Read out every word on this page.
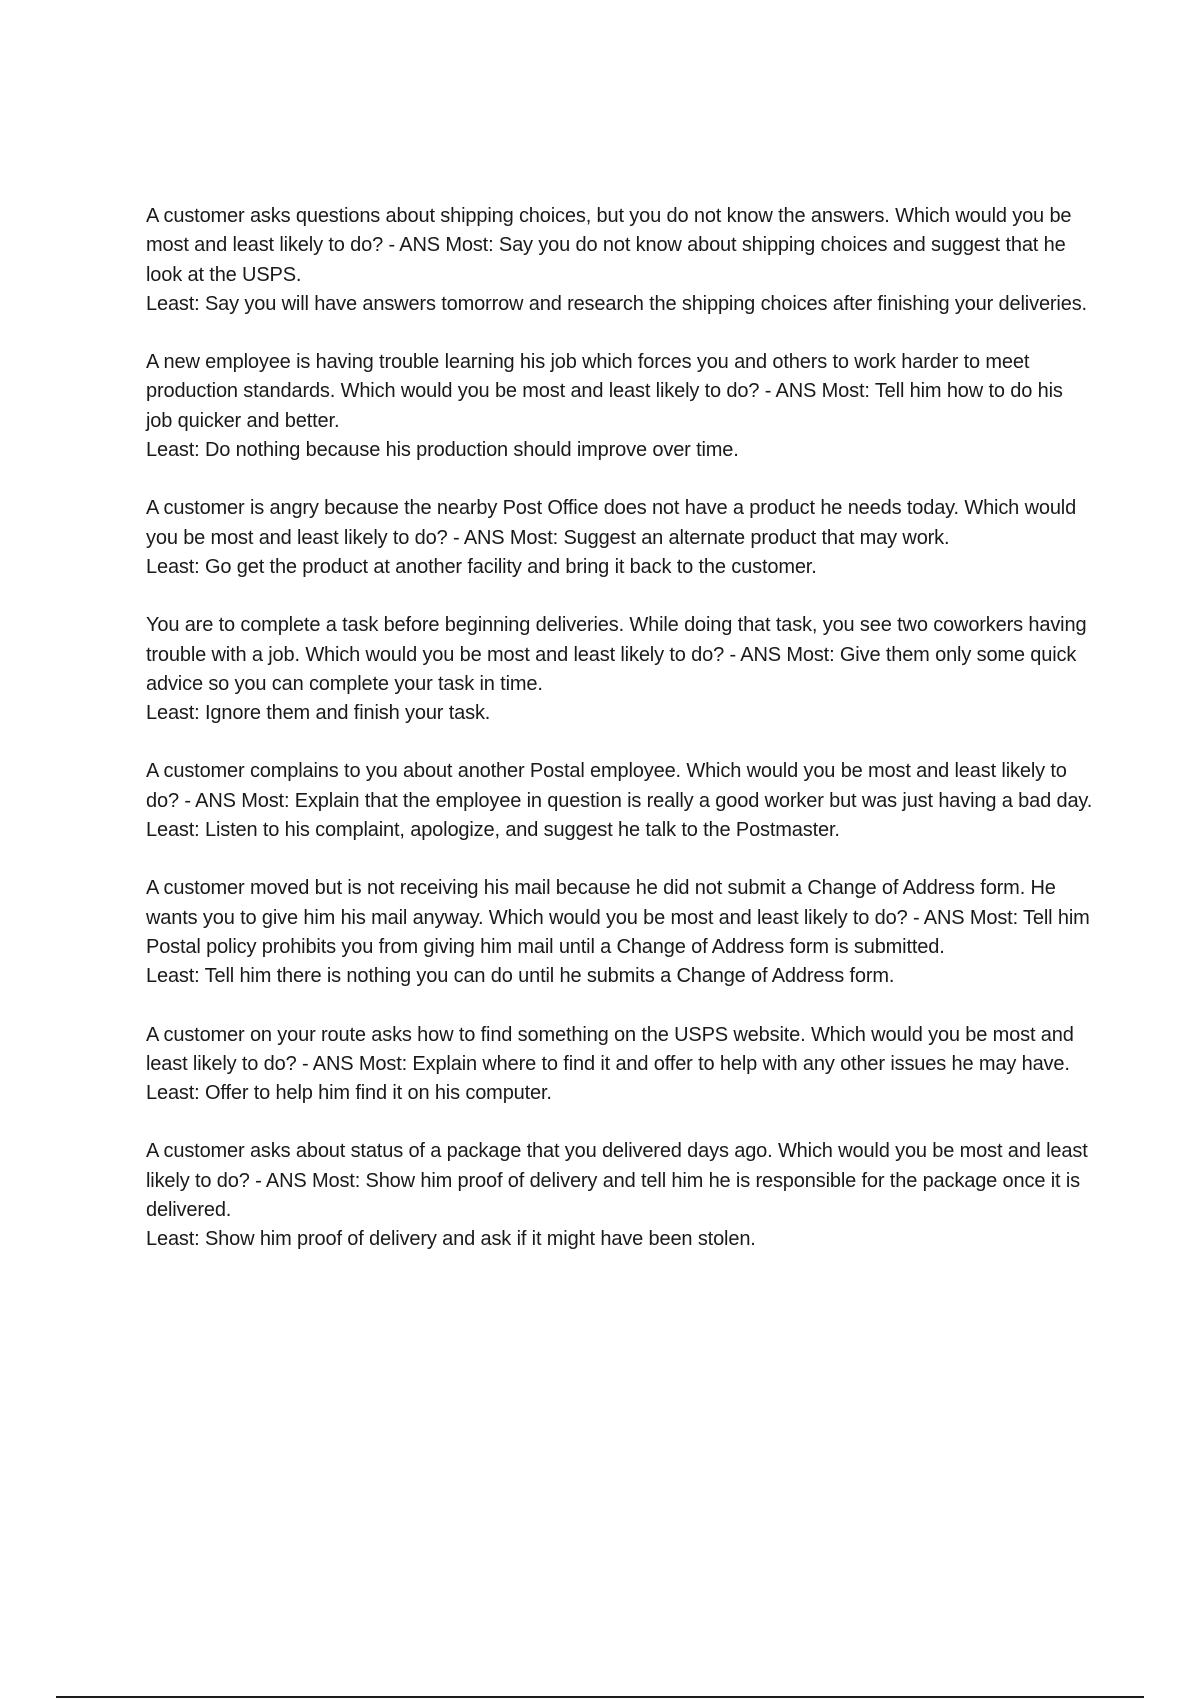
A customer asks questions about shipping choices, but you do not know the answers. Which would you be most and least likely to do? - ANS Most: Say you do not know about shipping choices and suggest that he look at the USPS.

Least: Say you will have answers tomorrow and research the shipping choices after finishing your deliveries.

A new employee is having trouble learning his job which forces you and others to work harder to meet production standards. Which would you be most and least likely to do? - ANS Most: Tell him how to do his job quicker and better.

Least: Do nothing because his production should improve over time.

A customer is angry because the nearby Post Office does not have a product he needs today. Which would you be most and least likely to do? - ANS Most: Suggest an alternate product that may work.

Least: Go get the product at another facility and bring it back to the customer.

You are to complete a task before beginning deliveries. While doing that task, you see two coworkers having trouble with a job. Which would you be most and least likely to do? - ANS Most: Give them only some quick advice so you can complete your task in time.

Least: Ignore them and finish your task.

A customer complains to you about another Postal employee. Which would you be most and least likely to do? - ANS Most: Explain that the employee in question is really a good worker but was just having a bad day.

Least: Listen to his complaint, apologize, and suggest he talk to the Postmaster.

A customer moved but is not receiving his mail because he did not submit a Change of Address form. He wants you to give him his mail anyway. Which would you be most and least likely to do? - ANS Most: Tell him Postal policy prohibits you from giving him mail until a Change of Address form is submitted.

Least: Tell him there is nothing you can do until he submits a Change of Address form.

A customer on your route asks how to find something on the USPS website. Which would you be most and least likely to do? - ANS Most: Explain where to find it and offer to help with any other issues he may have.

Least: Offer to help him find it on his computer.

A customer asks about status of a package that you delivered days ago. Which would you be most and least likely to do? - ANS Most: Show him proof of delivery and tell him he is responsible for the package once it is delivered.

Least: Show him proof of delivery and ask if it might have been stolen.
